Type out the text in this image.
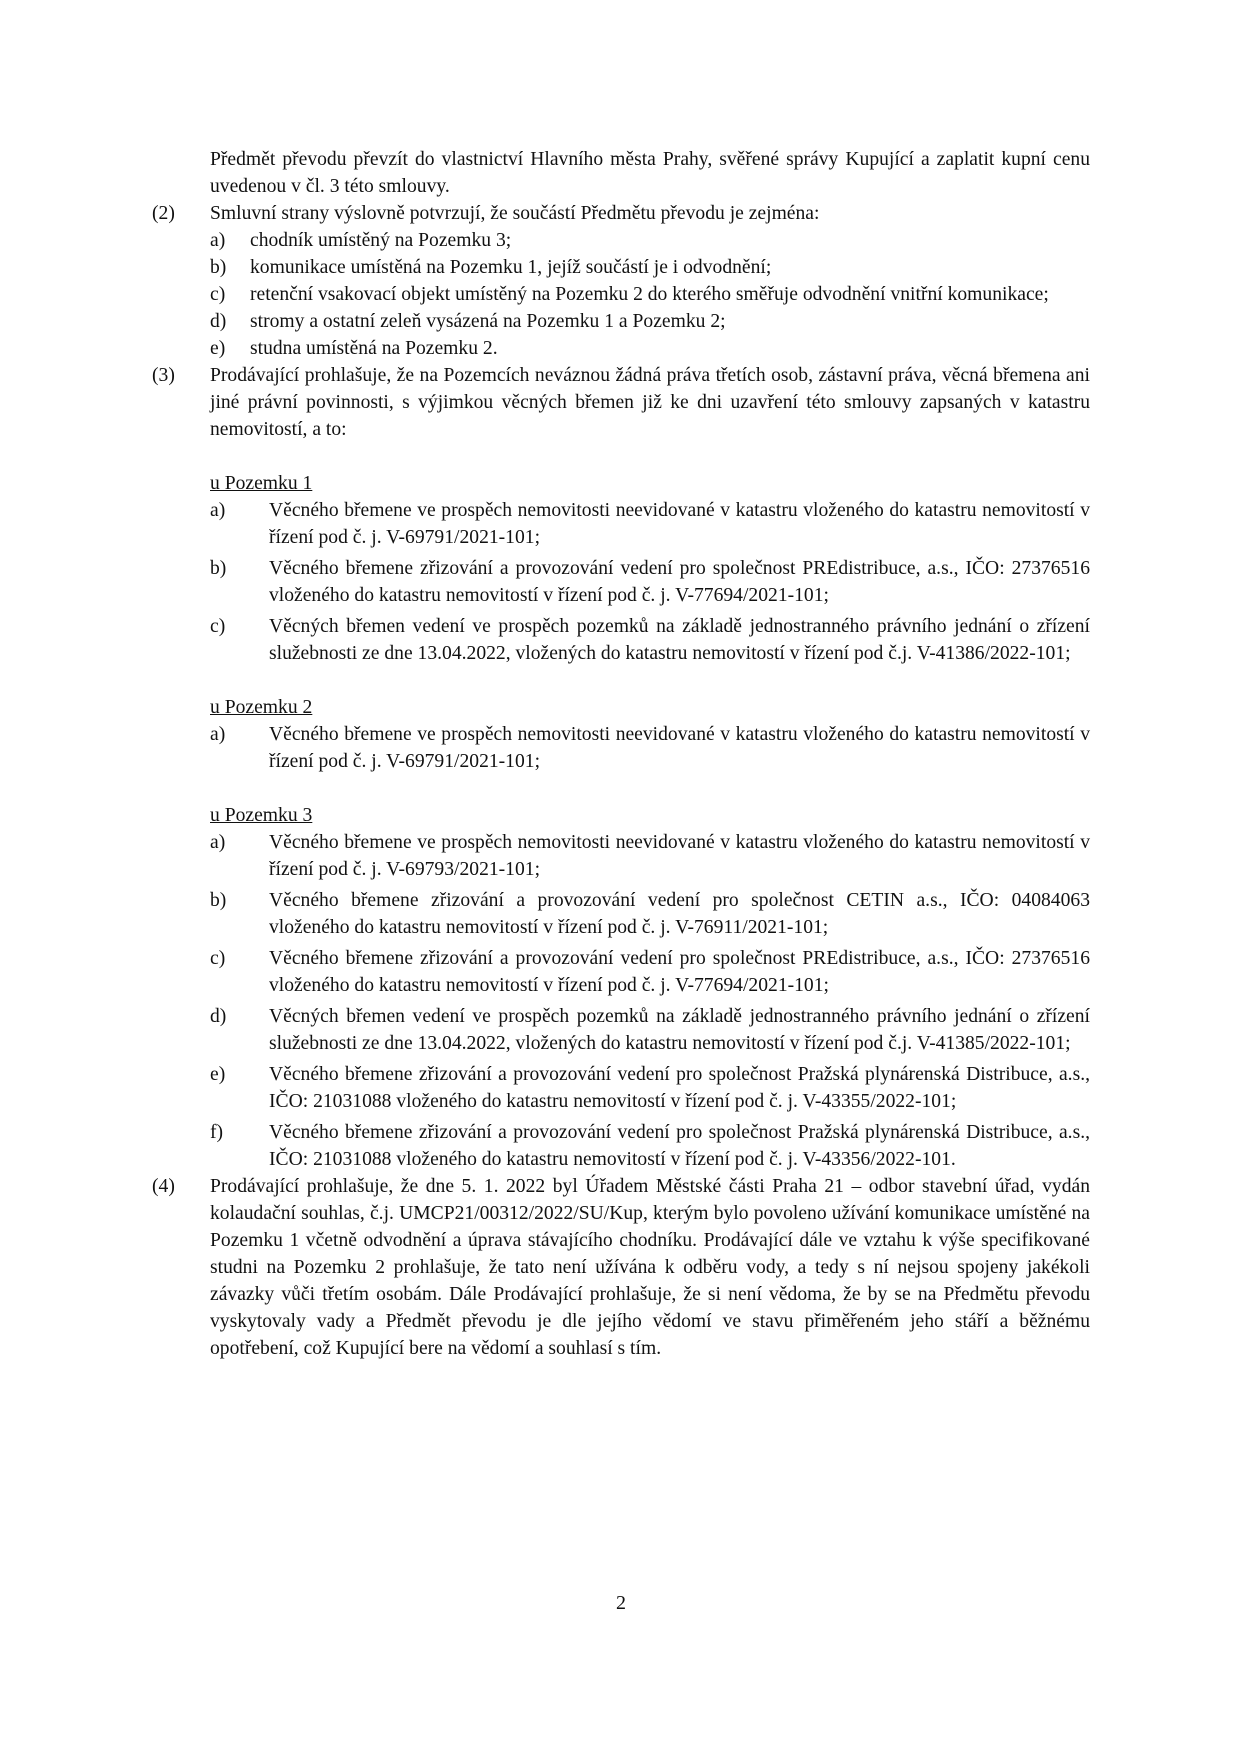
Předmět převodu převzít do vlastnictví Hlavního města Prahy, svěřené správy Kupující a zaplatit kupní cenu uvedenou v čl. 3 této smlouvy.
(2)	Smluvní strany výslovně potvrzují, že součástí Předmětu převodu je zejména:
a)	chodník umístěný na Pozemku 3;
b)	komunikace umístěná na Pozemku 1, jejíž součástí je i odvodnění;
c)	retenční vsakovací objekt umístěný na Pozemku 2 do kterého směřuje odvodnění vnitřní komunikace;
d)	stromy a ostatní zeleň vysázená na Pozemku 1 a Pozemku 2;
e)	studna umístěná na Pozemku 2.
(3)	Prodávající prohlašuje, že na Pozemcích neváznou žádná práva třetích osob, zástavní práva, věcná břemena ani jiné právní povinnosti, s výjimkou věcných břemen již ke dni uzavření této smlouvy zapsaných v katastru nemovitostí, a to:
u Pozemku 1
a)	Věcného břemene ve prospěch nemovitosti neevidované v katastru vloženého do katastru nemovitostí v řízení pod č. j. V-69791/2021-101;
b)	Věcného břemene zřizování a provozování vedení pro společnost PREdistribuce, a.s., IČO: 27376516 vloženého do katastru nemovitostí v řízení pod č. j. V-77694/2021-101;
c)	Věcných břemen vedení ve prospěch pozemků na základě jednostranného právního jednání o zřízení služebnosti ze dne 13.04.2022, vložených do katastru nemovitostí v řízení pod č.j. V-41386/2022-101;
u Pozemku 2
a)	Věcného břemene ve prospěch nemovitosti neevidované v katastru vloženého do katastru nemovitostí v řízení pod č. j. V-69791/2021-101;
u Pozemku 3
a)	Věcného břemene ve prospěch nemovitosti neevidované v katastru vloženého do katastru nemovitostí v řízení pod č. j. V-69793/2021-101;
b)	Věcného břemene zřizování a provozování vedení pro společnost CETIN a.s., IČO: 04084063 vloženého do katastru nemovitostí v řízení pod č. j. V-76911/2021-101;
c)	Věcného břemene zřizování a provozování vedení pro společnost PREdistribuce, a.s., IČO: 27376516 vloženého do katastru nemovitostí v řízení pod č. j. V-77694/2021-101;
d)	Věcných břemen vedení ve prospěch pozemků na základě jednostranného právního jednání o zřízení služebnosti ze dne 13.04.2022, vložených do katastru nemovitostí v řízení pod č.j. V-41385/2022-101;
e)	Věcného břemene zřizování a provozování vedení pro společnost Pražská plynárenská Distribuce, a.s., IČO: 21031088 vloženého do katastru nemovitostí v řízení pod č. j. V-43355/2022-101;
f)	Věcného břemene zřizování a provozování vedení pro společnost Pražská plynárenská Distribuce, a.s., IČO: 21031088 vloženého do katastru nemovitostí v řízení pod č. j. V-43356/2022-101.
(4)	Prodávající prohlašuje, že dne 5. 1. 2022 byl Úřadem Městské části Praha 21 – odbor stavební úřad, vydán kolaudační souhlas, č.j. UMCP21/00312/2022/SU/Kup, kterým bylo povoleno užívání komunikace umístěné na Pozemku 1 včetně odvodnění a úprava stávajícího chodníku. Prodávající dále ve vztahu k výše specifikované studni na Pozemku 2 prohlašuje, že tato není užívána k odběru vody, a tedy s ní nejsou spojeny jakékoli závazky vůči třetím osobám. Dále Prodávající prohlašuje, že si není vědoma, že by se na Předmětu převodu vyskytovaly vady a Předmět převodu je dle jejího vědomí ve stavu přiměřeném jeho stáří a běžnému opotřebení, což Kupující bere na vědomí a souhlasí s tím.
2
